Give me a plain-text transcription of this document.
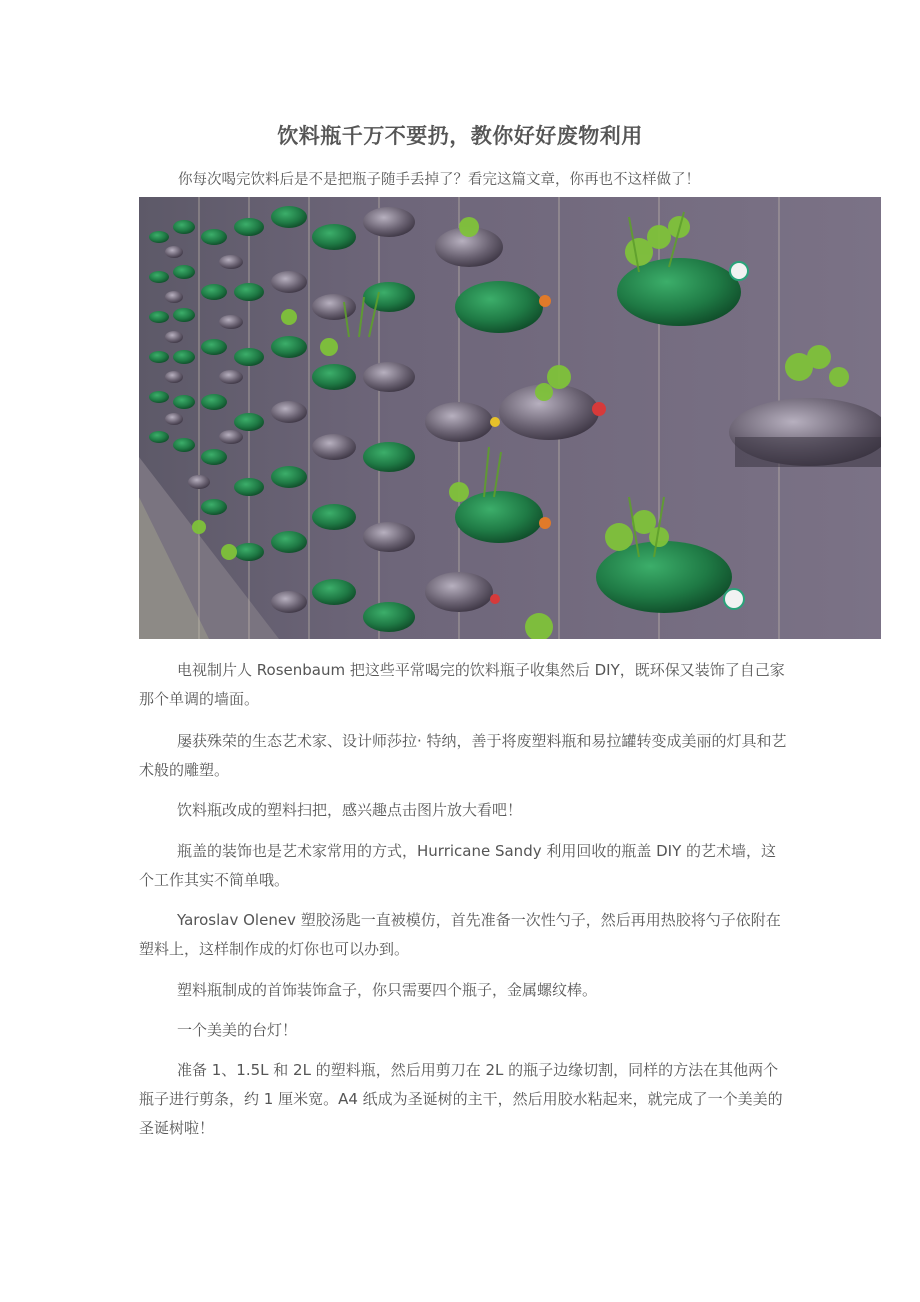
饮料瓶千万不要扔，教你好好废物利用
你每次喝完饮料后是不是把瓶子随手丢掉了？看完这篇文章，你再也不这样做了！

电视制片人 Rosenbaum 把这些平常喝完的饮料瓶子收集然后 DIY，既环保又装饰了自己家那个单调的墙面。

屡获殊荣的生态艺术家、设计师莎拉· 特纳，善于将废塑料瓶和易拉罐转变成美丽的灯具和艺术般的雕塑。

饮料瓶改成的塑料扫把，感兴趣点击图片放大看吧！

瓶盖的装饰也是艺术家常用的方式，Hurricane Sandy 利用回收的瓶盖 DIY 的艺术墙，这个工作其实不简单哦。

Yaroslav Olenev 塑胶汤匙一直被模仿，首先准备一次性勺子，然后再用热胶将勺子依附在塑料上，这样制作成的灯你也可以办到。

塑料瓶制成的首饰装饰盒子，你只需要四个瓶子，金属螺纹棒。

一个美美的台灯！

准备 1、1.5L 和 2L 的塑料瓶，然后用剪刀在 2L 的瓶子边缘切割，同样的方法在其他两个瓶子进行剪条，约 1 厘米宽。A4 纸成为圣诞树的主干，然后用胶水粘起来，就完成了一个美美的圣诞树啦！
